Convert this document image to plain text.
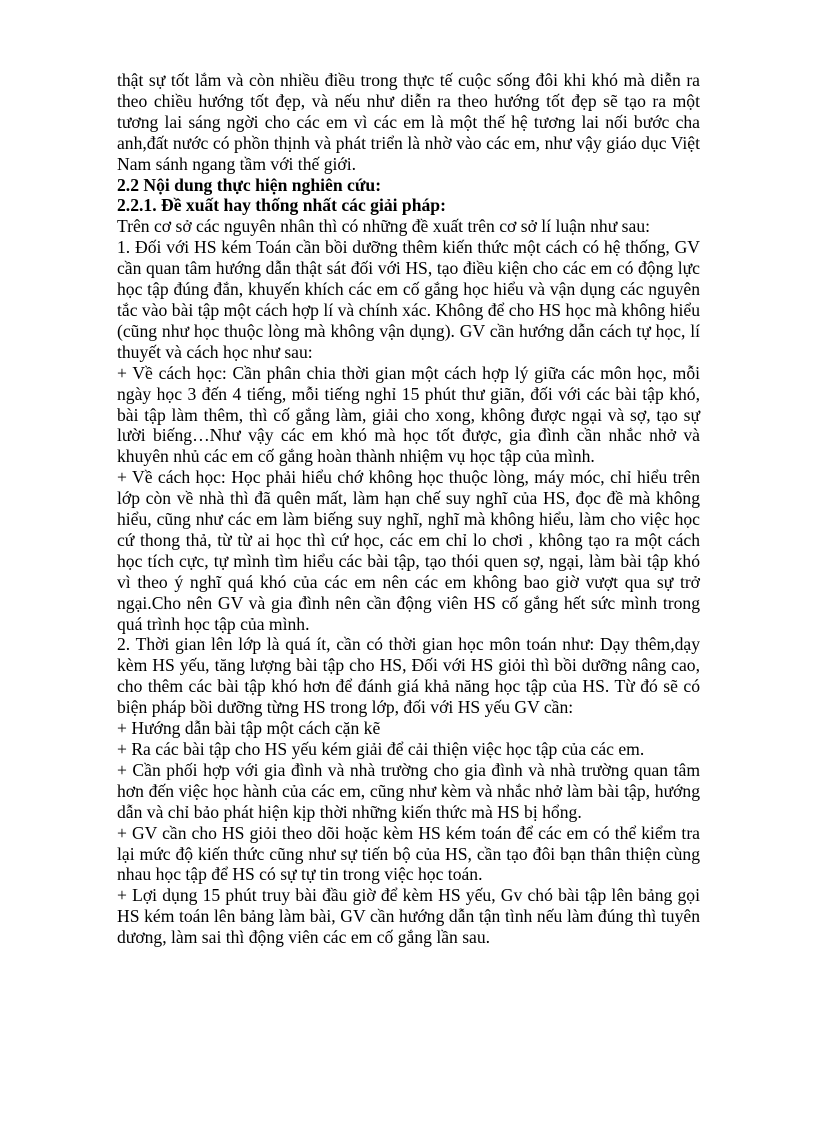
thật sự tốt lắm và còn nhiều điều trong thực tế cuộc sống đôi khi khó mà diễn ra theo chiều hướng tốt đẹp, và nếu như diễn ra theo hướng tốt đẹp sẽ tạo ra một tương lai sáng ngời cho các em vì các em là một thế hệ tương lai nối bước cha anh,đất nước có phồn thịnh và phát triển là nhờ vào các em, như vậy giáo dục Việt Nam sánh ngang tầm với thế giới.

2.2 Nội dung thực hiện nghiên cứu:

2.2.1. Đề xuất hay thống nhất các giải pháp:

Trên cơ sở các nguyên nhân thì có những đề xuất trên cơ sở lí luận như sau:

1. Đối với HS kém Toán cần bồi dưỡng thêm kiến thức một cách có hệ thống, GV cần quan tâm hướng dẫn thật sát đối với HS, tạo điều kiện cho các em có động lực học tập đúng đắn, khuyến khích các em cố gắng học hiểu và vận dụng các nguyên tắc vào bài tập một cách hợp lí và chính xác. Không để cho HS học mà không hiểu (cũng như học thuộc lòng mà không vận dụng). GV cần hướng dẫn cách tự học, lí thuyết và cách học như sau:

+ Về cách học: Cần phân chia thời gian một cách hợp lý giữa các môn học, mỗi ngày học 3 đến 4 tiếng, mỗi tiếng nghỉ 15 phút thư giãn, đối với các bài tập khó, bài tập làm thêm, thì cố gắng làm, giải cho xong, không được ngại và sợ, tạo sự lười biếng…Như vậy các em khó mà học tốt được, gia đình cần nhắc nhở và khuyên nhủ các em cố gắng hoàn thành nhiệm vụ học tập của mình.

+ Về cách học: Học phải hiểu chớ không học thuộc lòng, máy móc, chỉ hiểu trên lớp còn về nhà thì đã quên mất, làm hạn chế suy nghĩ của HS, đọc đề mà không hiểu, cũng như các em làm biếng suy nghĩ, nghĩ mà không hiểu, làm cho việc học cứ thong thả, từ từ ai học thì cứ học, các em chỉ lo chơi , không tạo ra một cách học tích cực, tự mình tìm hiểu các bài tập, tạo thói quen sợ, ngại, làm bài tập khó vì theo ý nghĩ quá khó của các em nên các em không bao giờ vượt qua sự trở ngại.Cho nên GV và gia đình nên cần động viên HS cố gắng hết sức mình trong quá trình học tập của mình.

2. Thời gian lên lớp là quá ít, cần có thời gian học môn toán như: Dạy thêm,dạy kèm HS yếu, tăng lượng bài tập cho HS, Đối với HS giỏi thì bồi dưỡng nâng cao, cho thêm các bài tập khó hơn để đánh giá khả năng học tập của HS. Từ đó sẽ có biện pháp bồi dưỡng từng HS trong lớp, đối với HS yếu GV cần:

+ Hướng dẫn bài tập một cách cặn kẽ

+ Ra các bài tập cho HS yếu kém giải để cải thiện việc học tập của các em.

+ Cần phối hợp với gia đình và nhà trường cho gia đình và nhà trường quan tâm hơn đến việc học hành của các em, cũng như kèm và nhắc nhở làm bài tập, hướng dẫn và chỉ bảo phát hiện kịp thời những kiến thức mà HS bị hổng.

+ GV cần cho HS giỏi theo dõi hoặc kèm HS kém toán để các em có thể kiểm tra lại mức độ kiến thức cũng như sự tiến bộ của HS, cần tạo đôi bạn thân thiện cùng nhau học tập để HS có sự tự tin trong việc học toán.

+ Lợi dụng 15 phút truy bài đầu giờ để kèm HS yếu, Gv chó bài tập lên bảng gọi HS kém toán lên bảng làm bài, GV cần hướng dẫn tận tình nếu làm đúng thì tuyên dương, làm sai thì động viên các em cố gắng lần sau.
